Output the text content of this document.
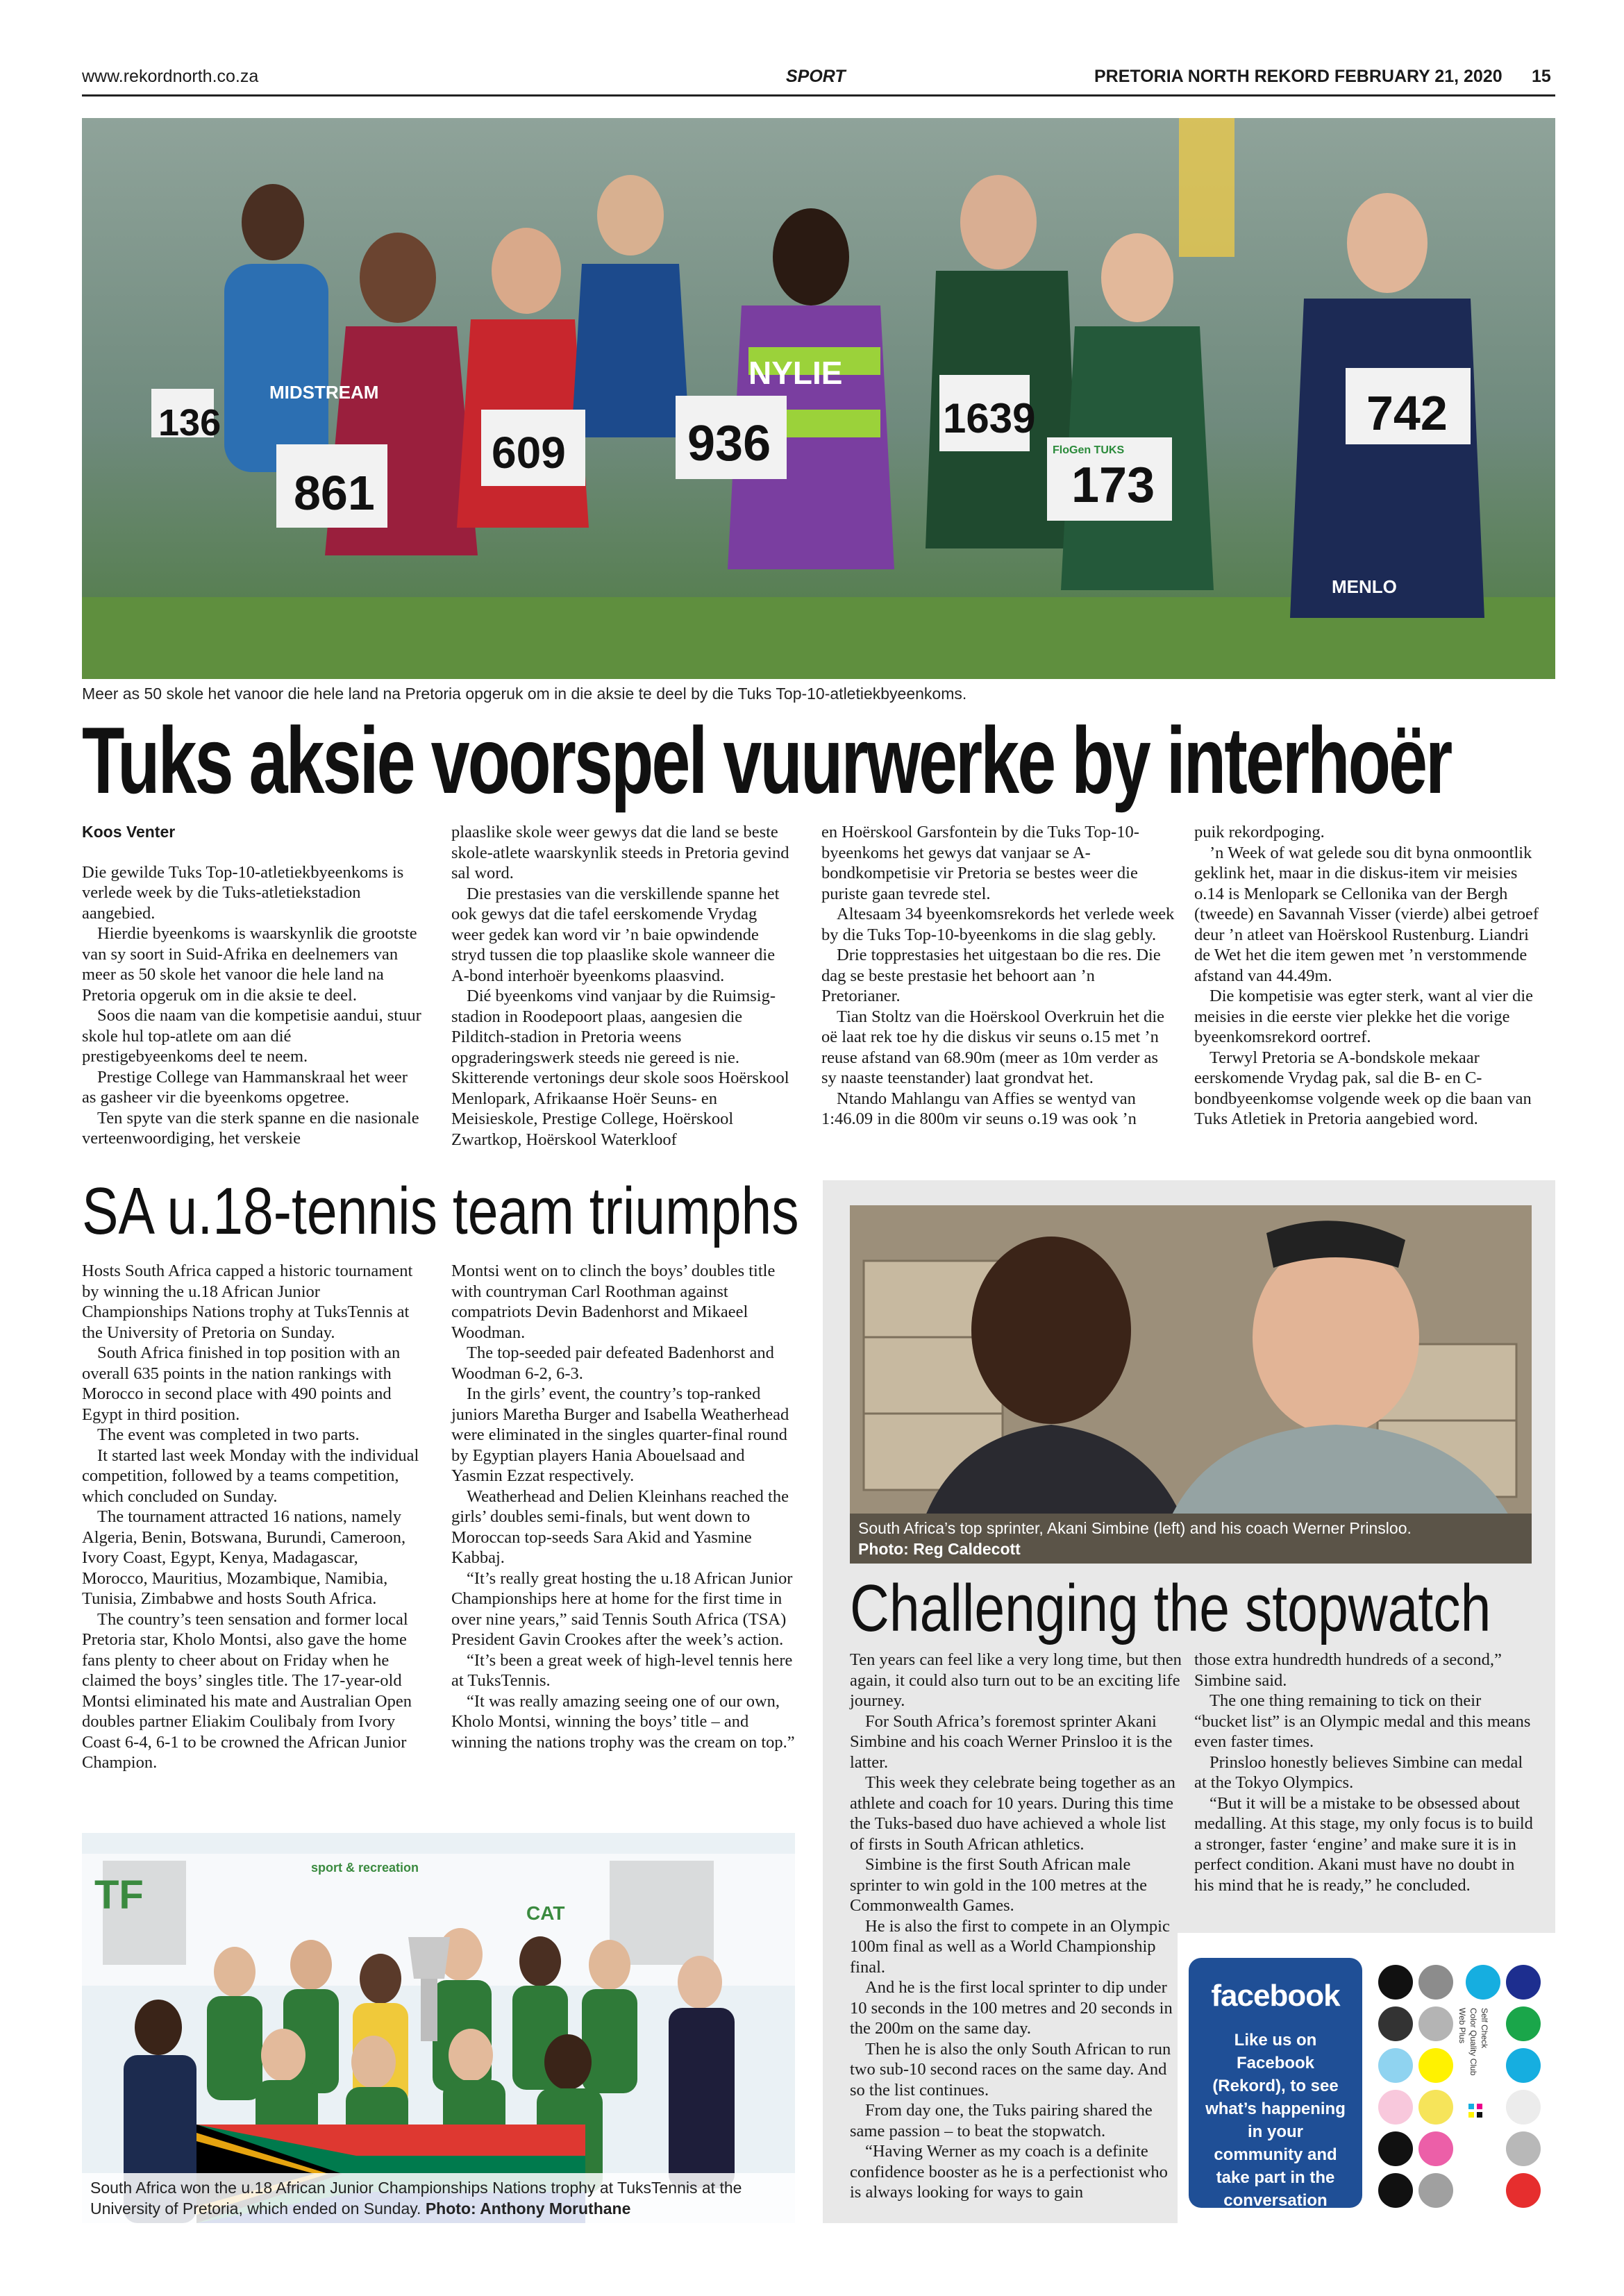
www.rekordnorth.co.za	SPORT	PRETORIA NORTH REKORD FEBRUARY 21, 2020 15
136
861
609 936	1639
173
742
MIDSTREAM
NYLIE
MENLO
FloGen TUKS
Meer as 50 skole het vanoor die hele land na Pretoria opgeruk om in die aksie te deel by die Tuks Top-10-atletiekbyeenkoms.
Tuks aksie voorspel vuurwerke by interhoër
Koos Venter

Die gewilde Tuks Top-10-atletiekbyeenkoms is verlede week by die Tuks-atletiekstadion aangebied.

Hierdie byeenkoms is waarskynlik die grootste van sy soort in Suid-Afrika en deelnemers van meer as 50 skole het vanoor die hele land na Pretoria opgeruk om in die aksie te deel.

Soos die naam van die kompetisie aandui, stuur skole hul top-atlete om aan dié prestigebyeenkoms deel te neem.

Prestige College van Hammanskraal het weer as gasheer vir die byeenkoms opgetree.

Ten spyte van die sterk spanne en die nasionale verteenwoordiging, het verskeie

plaaslike skole weer gewys dat die land se beste skole-atlete waarskynlik steeds in Pretoria gevind sal word.

Die prestasies van die verskillende spanne het ook gewys dat die tafel eerskomende Vrydag weer gedek kan word vir ’n baie opwindende stryd tussen die top plaaslike skole wanneer die A-bond interhoër byeenkoms plaasvind.

Dié byeenkoms vind vanjaar by die Ruimsig-stadion in Roodepoort plaas, aangesien die Pilditch-stadion in Pretoria weens opgraderingswerk steeds nie gereed is nie. Skitterende vertonings deur skole soos Hoërskool Menlopark, Afrikaanse Hoër Seuns- en Meisieskole, Prestige College, Hoërskool Zwartkop, Hoërskool Waterkloof

en Hoërskool Garsfontein by die Tuks Top-10-byeenkoms het gewys dat vanjaar se A-bondkompetisie vir Pretoria se bestes weer die puriste gaan tevrede stel.

Altesaam 34 byeenkomsrekords het verlede week by die Tuks Top-10-byeenkoms in die slag gebly.

Drie topprestasies het uitgestaan bo die res. Die dag se beste prestasie het behoort aan ’n Pretorianer.

Tian Stoltz van die Hoërskool Overkruin het die oë laat rek toe hy die diskus vir seuns o.15 met ’n reuse afstand van 68.90m (meer as 10m verder as sy naaste teenstander) laat grondvat het.

Ntando Mahlangu van Affies se wentyd van 1:46.09 in die 800m vir seuns o.19 was ook ’n

puik rekordpoging.

’n Week of wat gelede sou dit byna onmoontlik geklink het, maar in die diskus-item vir meisies o.14 is Menlopark se Cellonika van der Bergh (tweede) en Savannah Visser (vierde) albei getroef deur ’n atleet van Hoërskool Rustenburg. Liandri de Wet het die item gewen met ’n verstommende afstand van 44.49m.

Die kompetisie was egter sterk, want al vier die meisies in die eerste vier plekke het die vorige byeenkomsrekord oortref.

Terwyl Pretoria se A-bondskole mekaar eerskomende Vrydag pak, sal die B- en C-bondbyeenkomse volgende week op die baan van Tuks Atletiek in Pretoria aangebied word.

SA u.18-tennis team triumphs

Hosts South Africa capped a historic tournament by winning the u.18 African Junior Championships Nations trophy at TuksTennis at the University of Pretoria on Sunday.

South Africa finished in top position with an overall 635 points in the nation rankings with Morocco in second place with 490 points and Egypt in third position.

The event was completed in two parts.

It started last week Monday with the individual competition, followed by a teams competition, which concluded on Sunday.

The tournament attracted 16 nations, namely Algeria, Benin, Botswana, Burundi, Cameroon, Ivory Coast, Egypt, Kenya, Madagascar, Morocco, Mauritius, Mozambique, Namibia, Tunisia, Zimbabwe and hosts South Africa.

The country’s teen sensation and former local Pretoria star, Kholo Montsi, also gave the home fans plenty to cheer about on Friday when he claimed the boys’ singles title. The 17-year-old Montsi eliminated his mate and Australian Open doubles partner Eliakim Coulibaly from Ivory Coast 6-4, 6-1 to be crowned the African Junior Champion.

Montsi went on to clinch the boys’ doubles title with countryman Carl Roothman against compatriots Devin Badenhorst and Mikaeel Woodman.

The top-seeded pair defeated Badenhorst and Woodman 6-2, 6-3.

In the girls’ event, the country’s top-ranked juniors Maretha Burger and Isabella Weatherhead were eliminated in the singles quarter-final round by Egyptian players Hania Abouelsaad and Yasmin Ezzat respectively.

Weatherhead and Delien Kleinhans reached the girls’ doubles semi-finals, but went down to Moroccan top-seeds Sara Akid and Yasmine Kabbaj.

“It’s really great hosting the u.18 African Junior Championships here at home for the first time in over nine years,” said Tennis South Africa (TSA) President Gavin Crookes after the week’s action.

“It’s been a great week of high-level tennis here at TuksTennis.

“It was really amazing seeing one of our own, Kholo Montsi, winning the boys’ title – and winning the nations trophy was the cream on top.”

TF
sport & recreation
CAT
South Africa won the u.18 African Junior Championships Nations trophy at TuksTennis at the University of Pretoria, which ended on Sunday. Photo: Anthony Moruthane
South Africa’s top sprinter, Akani Simbine (left) and his coach Werner Prinsloo.
Photo: Reg Caldecott
Challenging the stopwatch

Ten years can feel like a very long time, but then again, it could also turn out to be an exciting life journey.

For South Africa’s foremost sprinter Akani Simbine and his coach Werner Prinsloo it is the latter.

This week they celebrate being together as an athlete and coach for 10 years. During this time the Tuks-based duo have achieved a whole list of firsts in South African athletics.

Simbine is the first South African male sprinter to win gold in the 100 metres at the Commonwealth Games.

He is also the first to compete in an Olympic 100m final as well as a World Championship final.

And he is the first local sprinter to dip under 10 seconds in the 100 metres and 20 seconds in the 200m on the same day.

Then he is also the only South African to run two sub-10 second races on the same day. And so the list continues.

From day one, the Tuks pairing shared the same passion – to beat the stopwatch.

“Having Werner as my coach is a definite confidence booster as he is a perfectionist who is always looking for ways to gain

those extra hundredth hundreds of a second,” Simbine said.

The one thing remaining to tick on their “bucket list” is an Olympic medal and this means even faster times.

Prinsloo honestly believes Simbine can medal at the Tokyo Olympics.

“But it will be a mistake to be obsessed about medalling. At this stage, my only focus is to build a stronger, faster ‘engine’ and make sure it is in perfect condition. Akani must have no doubt in his mind that he is ready,” he concluded.

facebook
Like us on Facebook (Rekord), to see what’s happening in your community and take part in the conversation
Web Plus Color Quality Club Self Check
